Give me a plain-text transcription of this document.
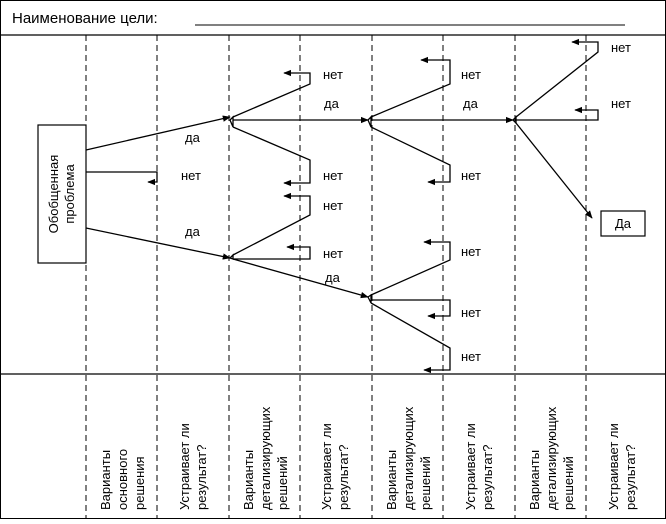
Наименование цели:
Обобщенная проблема	Да
да
нет
да
нет
да
нет
нет
нет
да
нет
да
нет
нет
нет
нет
нет
нет
Варианты основного решения Устраивает ли результат? Варианты детализирующих решений Устраивает ли результат?	Варианты детализирующих решений Устраивает ли результат? Варианты детализирующих решений Устраивает ли результат?
